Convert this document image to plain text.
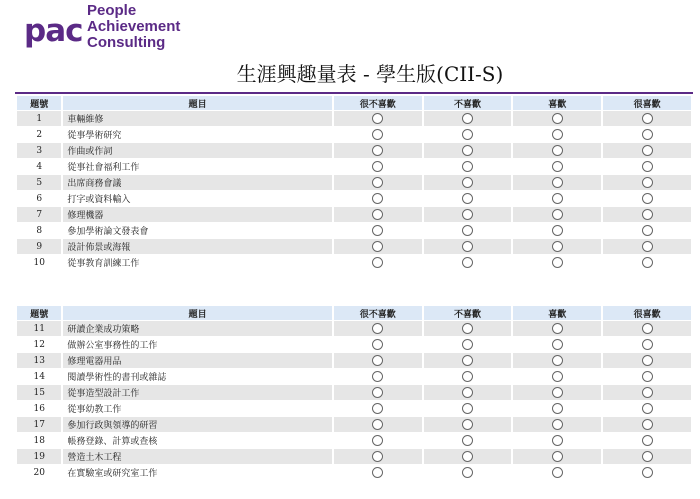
pac
People
Achievement
Consulting
生涯興趣量表 - 學生版(CII-S)
題號	題目	很不喜歡	不喜歡	喜歡	很喜歡
1	車輛維修				
2	從事學術研究				
3	作曲或作詞				
4	從事社會福利工作				
5	出席商務會議				
6	打字或資料輸入				
7	修理機器				
8	參加學術論文發表會				
9	設計佈景或海報				
10	從事教育訓練工作				
題號	題目	很不喜歡	不喜歡	喜歡	很喜歡
11	研讀企業成功策略				
12	做辦公室事務性的工作				
13	修理電器用品				
14	閱讀學術性的書刊或雜誌				
15	從事造型設計工作				
16	從事幼教工作				
17	參加行政與領導的研習				
18	帳務登錄、計算或查核				
19	營造土木工程				
20	在實驗室或研究室工作				
